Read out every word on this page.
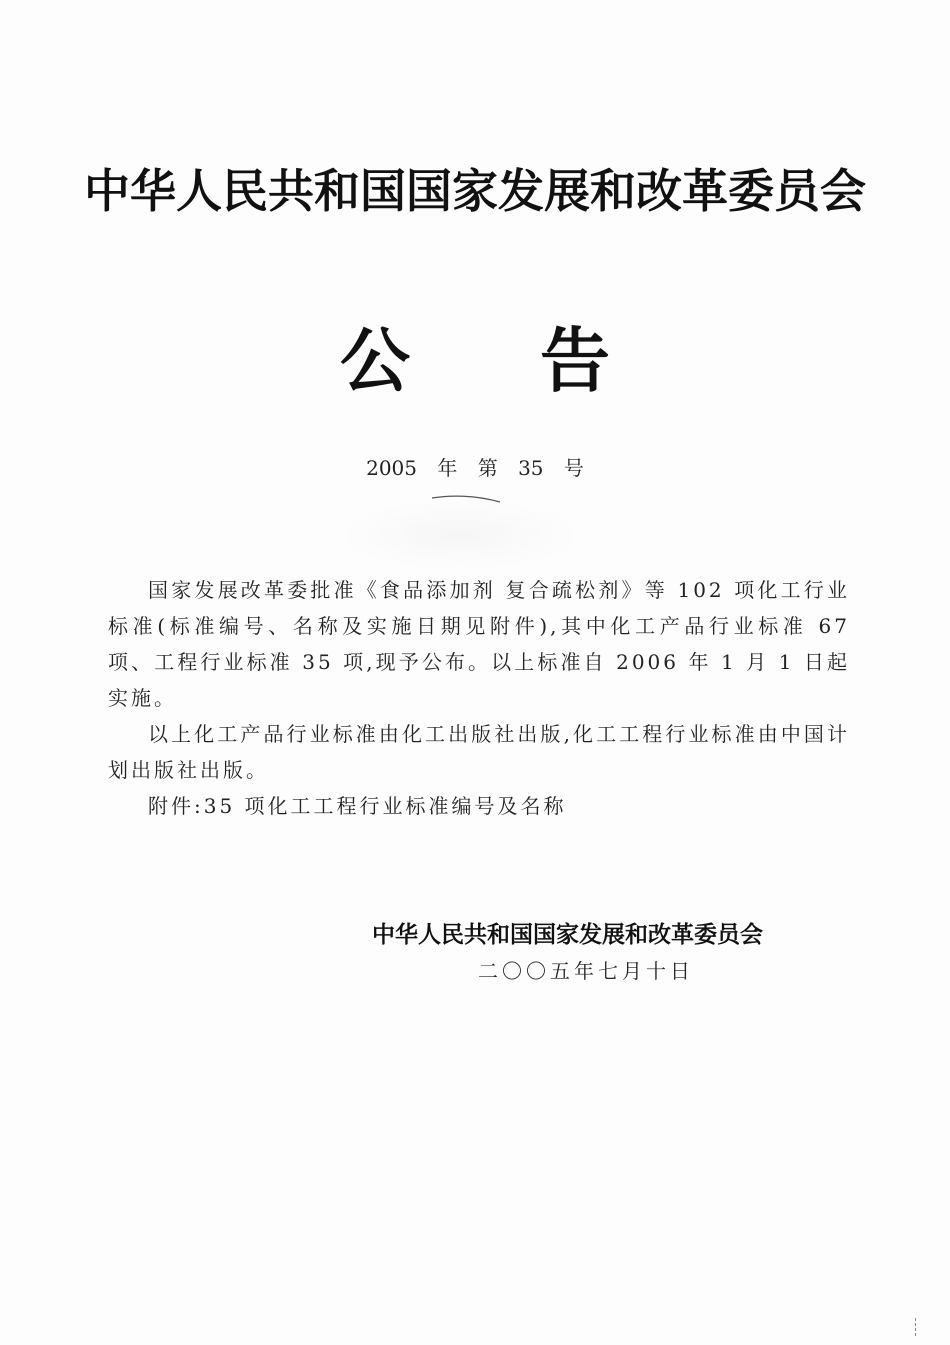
中华人民共和国国家发展和改革委员会
公告
2005 年 第 35 号

国家发展改革委批准《食品添加剂 复合疏松剂》等 102 项化工行业标准(标准编号、名称及实施日期见附件),其中化工产品行业标准 67 项、工程行业标准 35 项,现予公布。以上标准自 2006 年 1 月 1 日起实施。

以上化工产品行业标准由化工出版社出版,化工工程行业标准由中国计划出版社出版。

附件:35 项化工工程行业标准编号及名称

中华人民共和国国家发展和改革委员会
二〇〇五年七月十日
